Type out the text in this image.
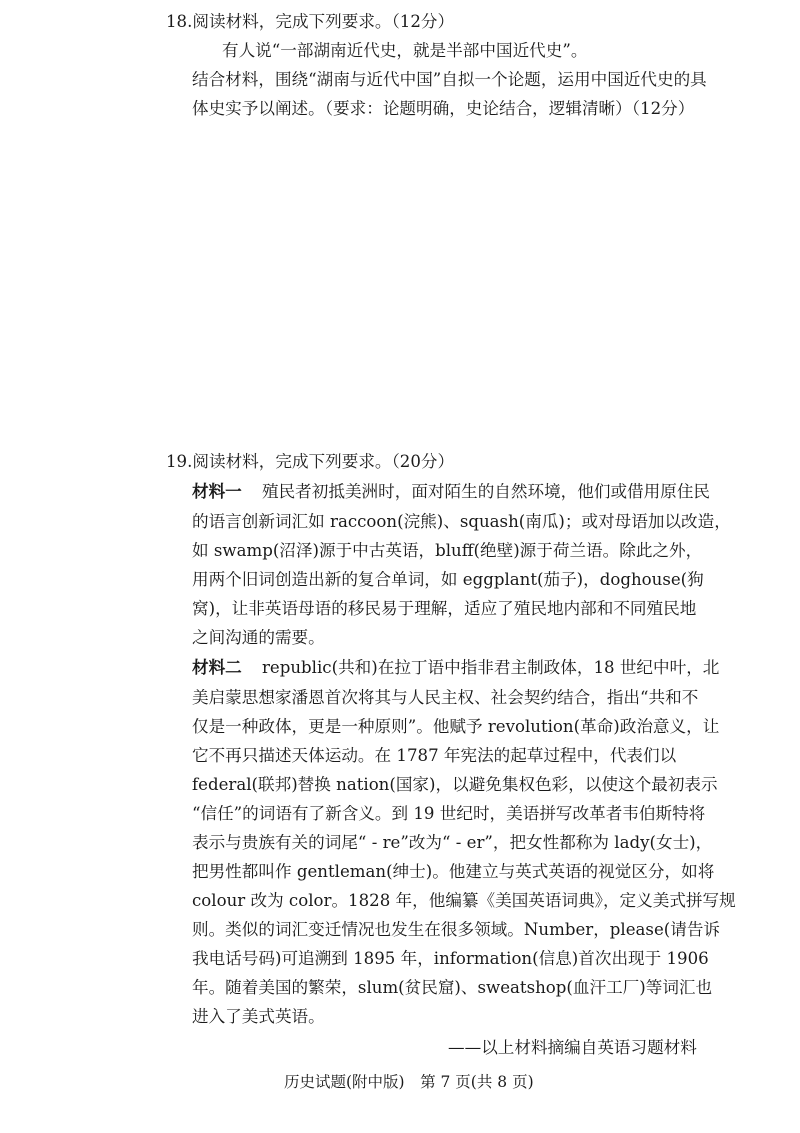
18.阅读材料，完成下列要求。（12分）
有人说“一部湖南近代史，就是半部中国近代史”。
结合材料，围绕“湖南与近代中国”自拟一个论题，运用中国近代史的具
体史实予以阐述。（要求：论题明确，史论结合，逻辑清晰）（12分）
19.阅读材料，完成下列要求。（20分）
材料一 殖民者初抵美洲时，面对陌生的自然环境，他们或借用原住民
的语言创新词汇如 raccoon(浣熊)、squash(南瓜)；或对母语加以改造，
如 swamp(沼泽)源于中古英语，bluff(绝壁)源于荷兰语。除此之外，
用两个旧词创造出新的复合单词，如 eggplant(茄子)，doghouse(狗
窝)，让非英语母语的移民易于理解，适应了殖民地内部和不同殖民地
之间沟通的需要。
材料二 republic(共和)在拉丁语中指非君主制政体，18 世纪中叶，北
美启蒙思想家潘恩首次将其与人民主权、社会契约结合，指出“共和不
仅是一种政体，更是一种原则”。他赋予 revolution(革命)政治意义，让
它不再只描述天体运动。在 1787 年宪法的起草过程中，代表们以
federal(联邦)替换 nation(国家)，以避免集权色彩，以使这个最初表示
“信任”的词语有了新含义。到 19 世纪时，美语拼写改革者韦伯斯特将
表示与贵族有关的词尾“ - re”改为“ - er”，把女性都称为 lady(女士)，
把男性都叫作 gentleman(绅士)。他建立与英式英语的视觉区分，如将
colour 改为 color。1828 年，他编纂《美国英语词典》，定义美式拼写规
则。类似的词汇变迁情况也发生在很多领域。Number，please(请告诉
我电话号码)可追溯到 1895 年，information(信息)首次出现于 1906
年。随着美国的繁荣，slum(贫民窟)、sweatshop(血汗工厂)等词汇也
进入了美式英语。
——以上材料摘编自英语习题材料
历史试题(附中版)　第 7 页(共 8 页)
